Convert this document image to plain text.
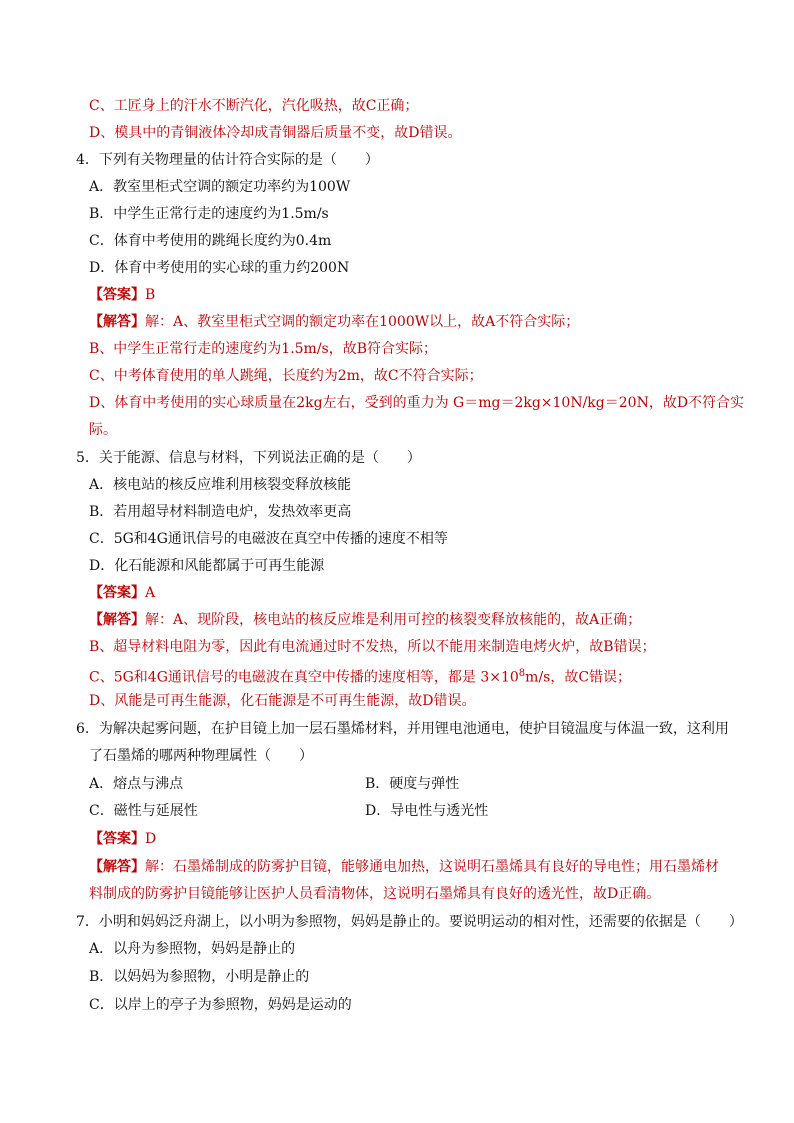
C、工匠身上的汗水不断汽化，汽化吸热，故C正确；
D、模具中的青铜液体冷却成青铜器后质量不变，故D错误。
4．下列有关物理量的估计符合实际的是（　　）
A．教室里柜式空调的额定功率约为100W
B．中学生正常行走的速度约为1.5m/s
C．体育中考使用的跳绳长度约为0.4m
D．体育中考使用的实心球的重力约200N
【答案】B
【解答】解：A、教室里柜式空调的额定功率在1000W以上，故A不符合实际；
B、中学生正常行走的速度约为1.5m/s，故B符合实际；
C、中考体育使用的单人跳绳，长度约为2m，故C不符合实际；
D、体育中考使用的实心球质量在2kg左右，受到的重力为 G＝mg＝2kg×10N/kg＝20N，故D不符合实
际。
5．关于能源、信息与材料，下列说法正确的是（　　）
A．核电站的核反应堆利用核裂变释放核能
B．若用超导材料制造电炉，发热效率更高
C．5G和4G通讯信号的电磁波在真空中传播的速度不相等
D．化石能源和风能都属于可再生能源
【答案】A
【解答】解：A、现阶段，核电站的核反应堆是利用可控的核裂变释放核能的，故A正确；
B、超导材料电阻为零，因此有电流通过时不发热，所以不能用来制造电烤火炉，故B错误；
C、5G和4G通讯信号的电磁波在真空中传播的速度相等，都是 $3\times 10^8m/s$，故C错误；
D、风能是可再生能源，化石能源是不可再生能源，故D错误。
6．为解决起雾问题，在护目镜上加一层石墨烯材料，并用锂电池通电，使护目镜温度与体温一致，这利用
了石墨烯的哪两种物理属性（　　）
A．熔点与沸点	B．硬度与弹性
C．磁性与延展性	D．导电性与透光性
【答案】D
【解答】解：石墨烯制成的防雾护目镜，能够通电加热，这说明石墨烯具有良好的导电性；用石墨烯材
料制成的防雾护目镜能够让医护人员看清物体，这说明石墨烯具有良好的透光性，故D正确。
7．小明和妈妈泛舟湖上，以小明为参照物，妈妈是静止的。要说明运动的相对性，还需要的依据是（　　）
A．以舟为参照物，妈妈是静止的
B．以妈妈为参照物，小明是静止的
C．以岸上的亭子为参照物，妈妈是运动的
